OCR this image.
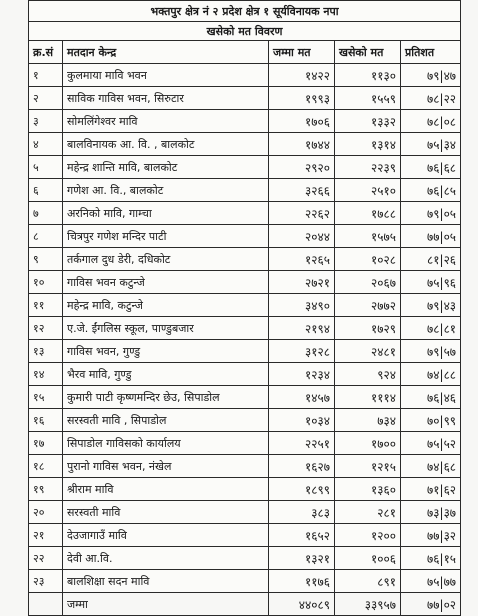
भक्तपुर क्षेत्र नं २ प्रदेश क्षेत्र १ सूर्यविनायक नपा				
खसेको मत विवरण				
क्र.सं	मतदान केन्द्र	जम्मा मत	खसेको मत	प्रतिशत
१	कुलमाया मावि भवन	१४२२	११३०	७९|४७
२	साविक गाविस भवन, सिरुटार	१९९३	१५५९	७८|२२
३	सोमलिंगेश्वर मावि	१७०६	१३३२	७८|०८
४	बालविनायक आ. वि. , बालकोट	१७४४	१३१४	७५|३४
५	महेन्द्र शान्ति मावि, बालकोट	२९२०	२२३९	७६|६८
६	गणेश आ. वि., बालकोट	३२६६	२५१०	७६|८५
७	अरनिको मावि, गाम्चा	२२६२	१७८८	७९|०५
८	चित्रपुर गणेश मन्दिर पाटी	२०४४	१५७५	७७|०५
९	तर्कगाल दुध डेरी, दधिकोट	१२६५	१०२८	८१|२६
१०	गाविस भवन कटुन्जे	२७२१	२०६७	७५|९६
११	महेन्द्र मावि, कटुन्जे	३४९०	२७७२	७९|४३
१२	ए.जे. ईंगलिस स्कूल, पाण्डुबजार	२१९४	१७२९	७८|८१
१३	गाविस भवन, गुण्डु	३१२८	२४८१	७९|५७
१४	भैरव मावि, गुण्डु	१२३४	९२४	७४|८८
१५	कुमारी पाटी कृष्णमन्दिर छेउ, सिपाडोल	१४५७	१११४	७६|४६
१६	सरस्वती मावि , सिपाडोल	१०३४	७३४	७०|९९
१७	सिपाडोल गाविसको कार्यालय	२२५१	१७००	७५|५२
१८	पुरानो गाविस भवन, नंखेल	१६२७	१२१५	७४|६८
१९	श्रीराम मावि	१८९९	१३६०	७१|६२
२०	सरस्वती मावि	३८३	२८१	७३|३७
२१	देउजागाउँ मावि	१६५२	१२००	७७|३२
२२	देवी आ.वि.	१३२१	१००६	७६|१५
२३	बालशिक्षा सदन मावि	११७६	८९१	७५|७७
	जम्मा	४४०८९	३३९५७	७७|०२
